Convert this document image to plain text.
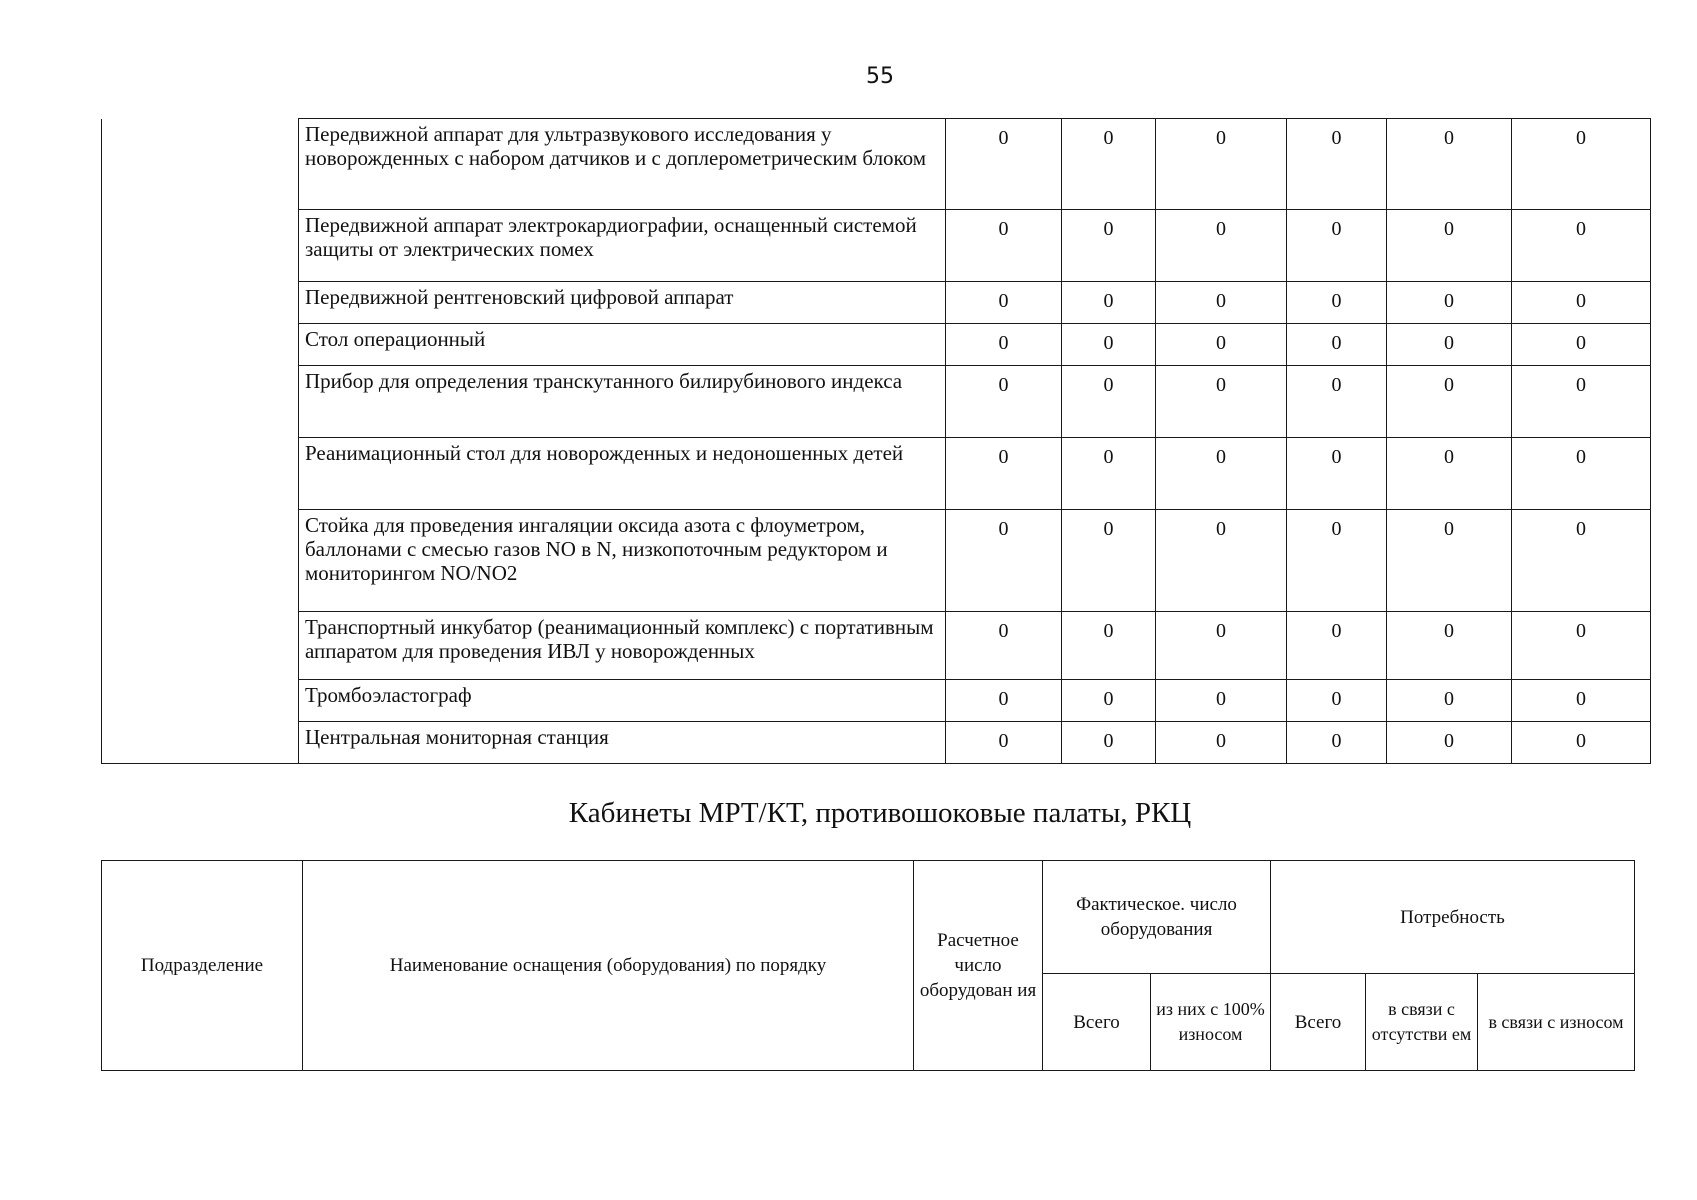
55
	Передвижной аппарат для ультразвукового исследования у новорожденных с набором датчиков и с доплерометрическим блоком	0	0	0	0	0	0
	Передвижной аппарат электрокардиографии, оснащенный системой защиты от электрических помех	0	0	0	0	0	0
	Передвижной рентгеновский цифровой аппарат	0	0	0	0	0	0
	Стол операционный	0	0	0	0	0	0
	Прибор для определения транскутанного билирубинового индекса	0	0	0	0	0	0
	Реанимационный стол для новорожденных и недоношенных детей	0	0	0	0	0	0
	Стойка для проведения ингаляции оксида азота с флоуметром, баллонами с смесью газов NO в N, низкопоточным редуктором и мониторингом NO/NO2	0	0	0	0	0	0
	Транспортный инкубатор (реанимационный комплекс) с портативным аппаратом для проведения ИВЛ у новорожденных	0	0	0	0	0	0
	Тромбоэластограф	0	0	0	0	0	0
	Центральная мониторная станция	0	0	0	0	0	0
Кабинеты МРТ/КТ, противошоковые палаты, РКЦ
Подразделение	Наименование оснащения (оборудования) по порядку	Расчетное число оборудован ия	Фактическое. число оборудования		Потребность		
			Всего	из них с 100% износом	Всего	в связи с отсутстви ем	в связи с износом
